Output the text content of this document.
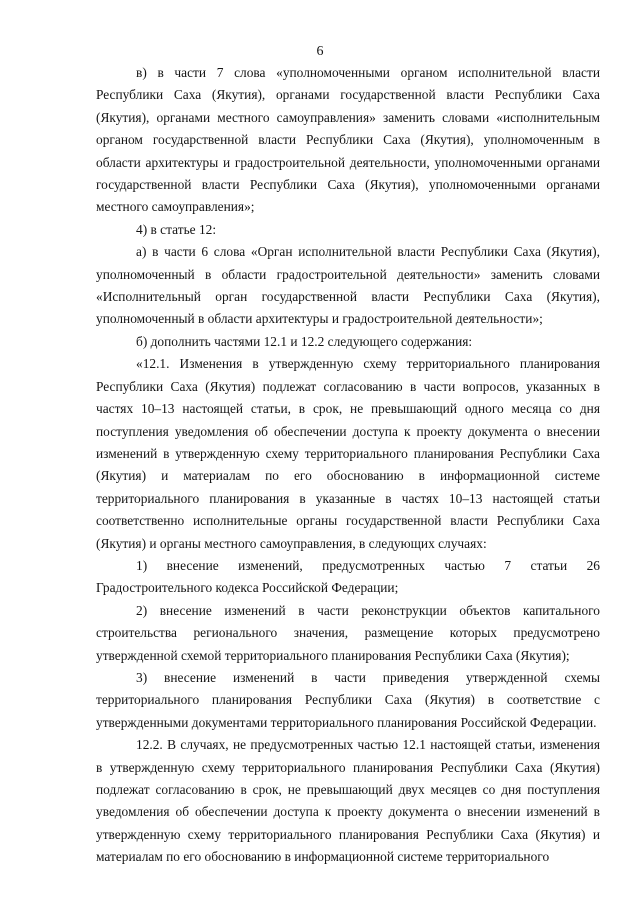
6

в) в части 7 слова «уполномоченными органом исполнительной власти Республики Саха (Якутия), органами государственной власти Республики Саха (Якутия), органами местного самоуправления» заменить словами «исполнительным органом государственной власти Республики Саха (Якутия), уполномоченным в области архитектуры и градостроительной деятельности, уполномоченными органами государственной власти Республики Саха (Якутия), уполномоченными органами местного самоуправления»;

4) в статье 12:

а) в части 6 слова «Орган исполнительной власти Республики Саха (Якутия), уполномоченный в области градостроительной деятельности» заменить словами «Исполнительный орган государственной власти Республики Саха (Якутия), уполномоченный в области архитектуры и градостроительной деятельности»;

б) дополнить частями 12.1 и 12.2 следующего содержания:

«12.1. Изменения в утвержденную схему территориального планирования Республики Саха (Якутия) подлежат согласованию в части вопросов, указанных в частях 10–13 настоящей статьи, в срок, не превышающий одного месяца со дня поступления уведомления об обеспечении доступа к проекту документа о внесении изменений в утвержденную схему территориального планирования Республики Саха (Якутия) и материалам по его обоснованию в информационной системе территориального планирования в указанные в частях 10–13 настоящей статьи соответственно исполнительные органы государственной власти Республики Саха (Якутия) и органы местного самоуправления, в следующих случаях:

1) внесение изменений, предусмотренных частью 7 статьи 26 Градостроительного кодекса Российской Федерации;

2) внесение изменений в части реконструкции объектов капитального строительства регионального значения, размещение которых предусмотрено утвержденной схемой территориального планирования Республики Саха (Якутия);

3) внесение изменений в части приведения утвержденной схемы территориального планирования Республики Саха (Якутия) в соответствие с утвержденными документами территориального планирования Российской Федерации.

12.2. В случаях, не предусмотренных частью 12.1 настоящей статьи, изменения в утвержденную схему территориального планирования Республики Саха (Якутия) подлежат согласованию в срок, не превышающий двух месяцев со дня поступления уведомления об обеспечении доступа к проекту документа о внесении изменений в утвержденную схему территориального планирования Республики Саха (Якутия) и материалам по его обоснованию в информационной системе территориального
